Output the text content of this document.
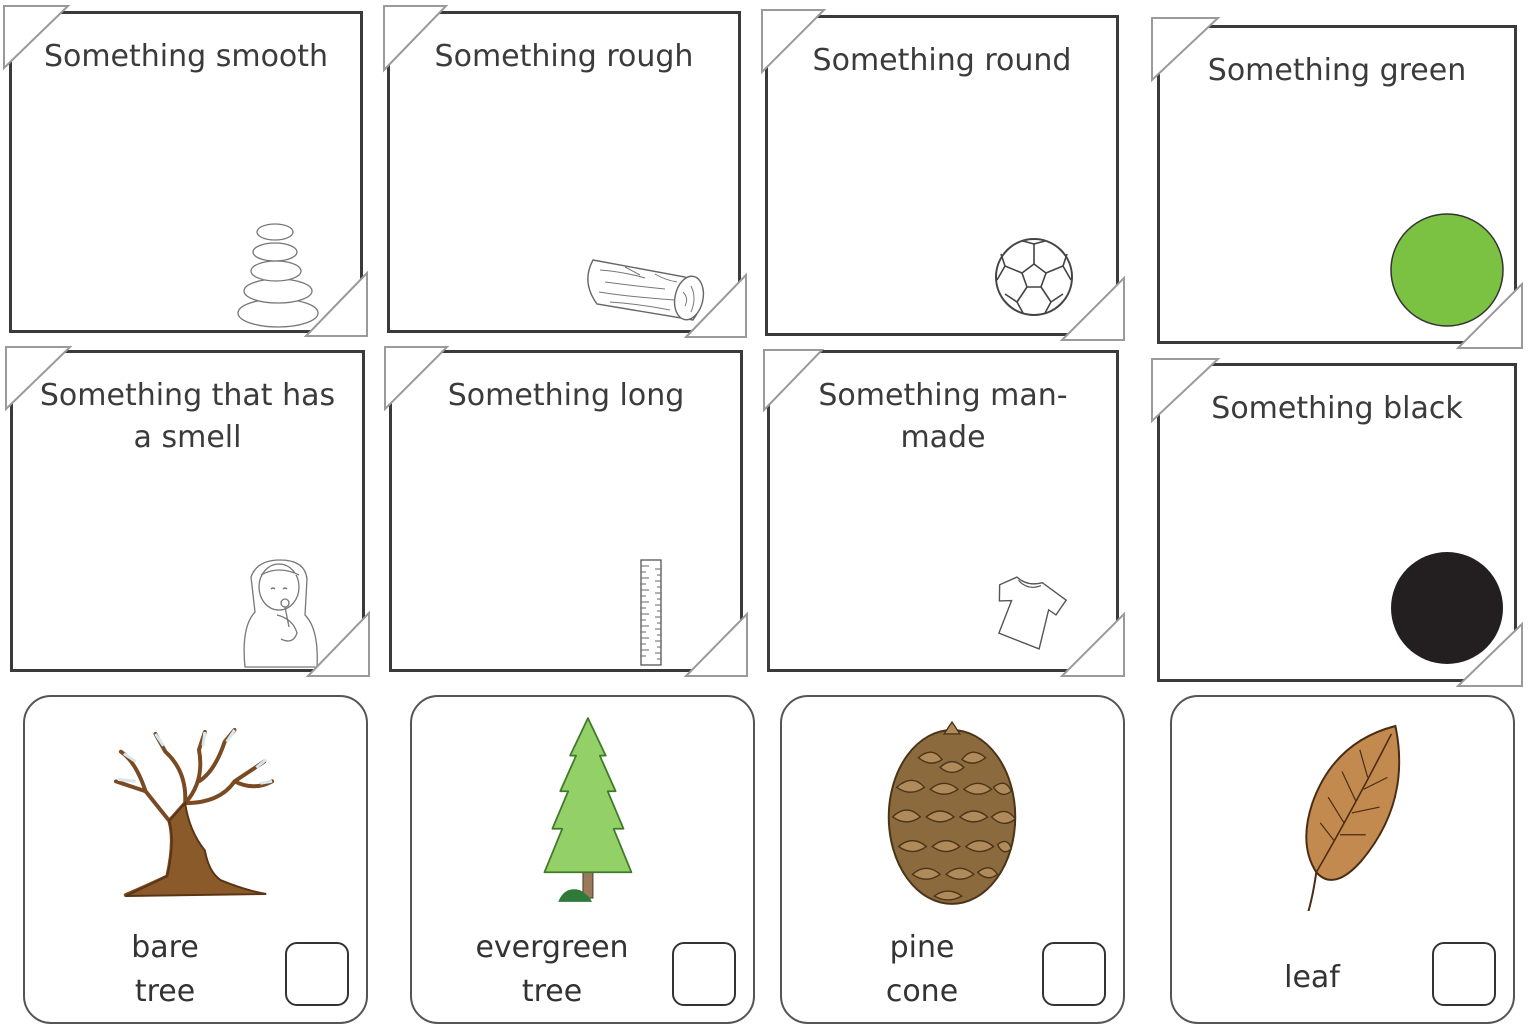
Something smooth	Something rough	Something round	Something green
Something that has a smell
Something long	Something man-made
Something black
bare
tree
evergreen
tree
pine
cone	leaf
